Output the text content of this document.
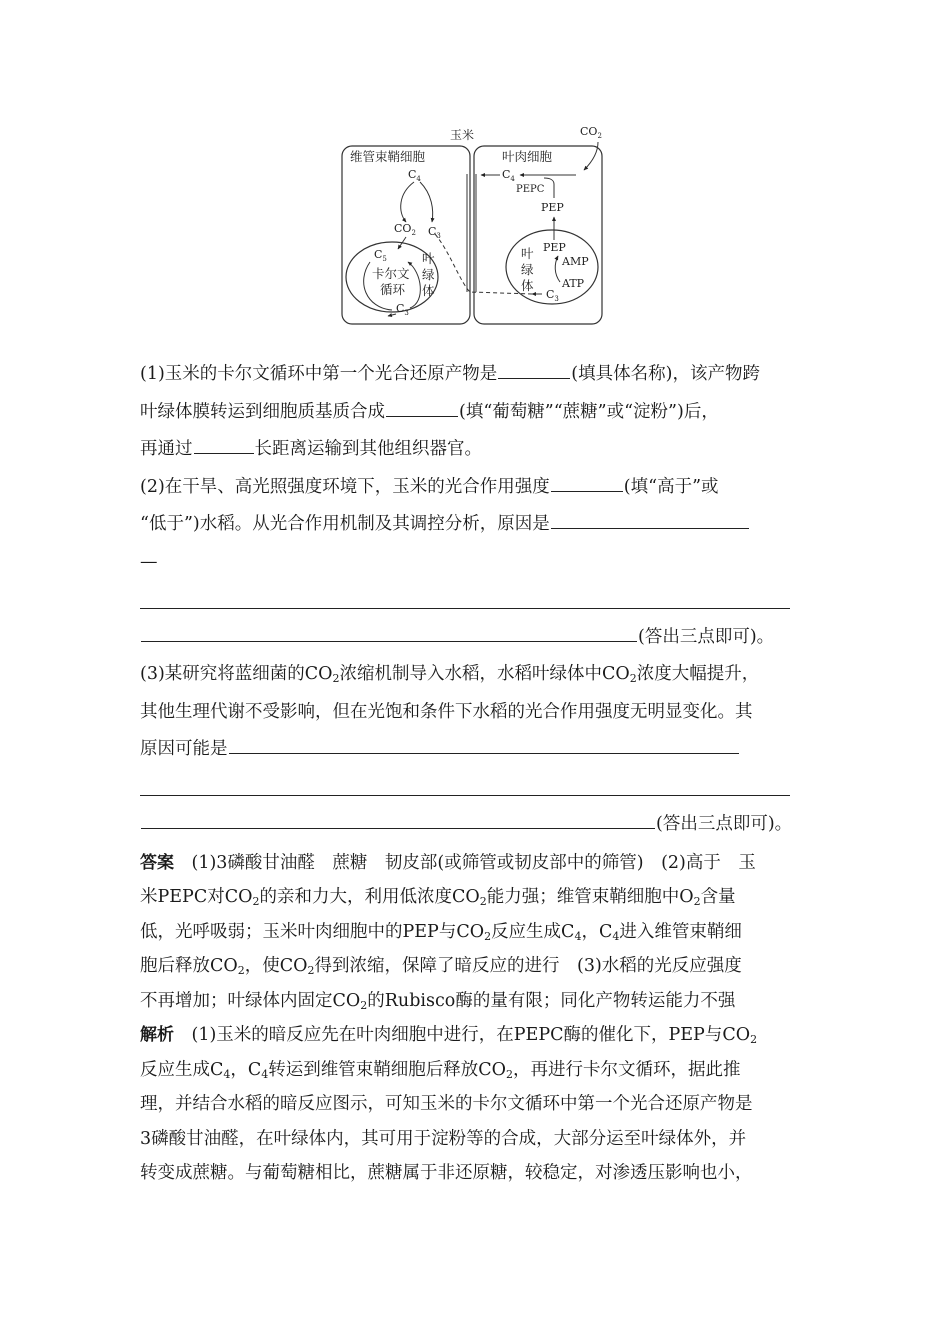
玉米	$CO_2$
维管束鞘细胞	叶肉细胞
$C_4$
$CO_2$ $C_3$
$C_5$
卡尔文
循环
$C_3$
叶
绿
体
$C_4$
PEPC
PEP
PEP
AMP
ATP
叶
绿
体
$C_3$
(1)玉米的卡尔文循环中第一个光合还原产物是	(填具体名称)，该产物跨
叶绿体膜转运到细胞质基质合成	(填“葡萄糖”“蔗糖”或“淀粉”)后，
再通过	长距离运输到其他组织器官。
(2)在干旱、高光照强度环境下，玉米的光合作用强度	(填“高于”或
“低于”)水稻。从光合作用机制及其调控分析，原因是
—
(答出三点即可)。
(3)某研究将蓝细菌的$CO_2$浓缩机制导入水稻，水稻叶绿体中$CO_2$浓度大幅提升，
其他生理代谢不受影响，但在光饱和条件下水稻的光合作用强度无明显变化。其
原因可能是
(答出三点即可)。
答案　(1)3磷酸甘油醛　蔗糖　韧皮部(或筛管或韧皮部中的筛管)　(2)高于　玉
米PEPC对$CO_2$的亲和力大，利用低浓度$CO_2$能力强；维管束鞘细胞中$O_2$含量
低，光呼吸弱；玉米叶肉细胞中的PEP与$CO_2$反应生成$C_4$，$C_4$进入维管束鞘细
胞后释放$CO_2$，使$CO_2$得到浓缩，保障了暗反应的进行　(3)水稻的光反应强度
不再增加；叶绿体内固定$CO_2$的Rubisco酶的量有限；同化产物转运能力不强
解析　(1)玉米的暗反应先在叶肉细胞中进行，在PEPC酶的催化下，PEP与$CO_2$
反应生成$C_4$，$C_4$转运到维管束鞘细胞后释放$CO_2$，再进行卡尔文循环，据此推
理，并结合水稻的暗反应图示，可知玉米的卡尔文循环中第一个光合还原产物是
3磷酸甘油醛，在叶绿体内，其可用于淀粉等的合成，大部分运至叶绿体外，并
转变成蔗糖。与葡萄糖相比，蔗糖属于非还原糖，较稳定，对渗透压影响也小，
